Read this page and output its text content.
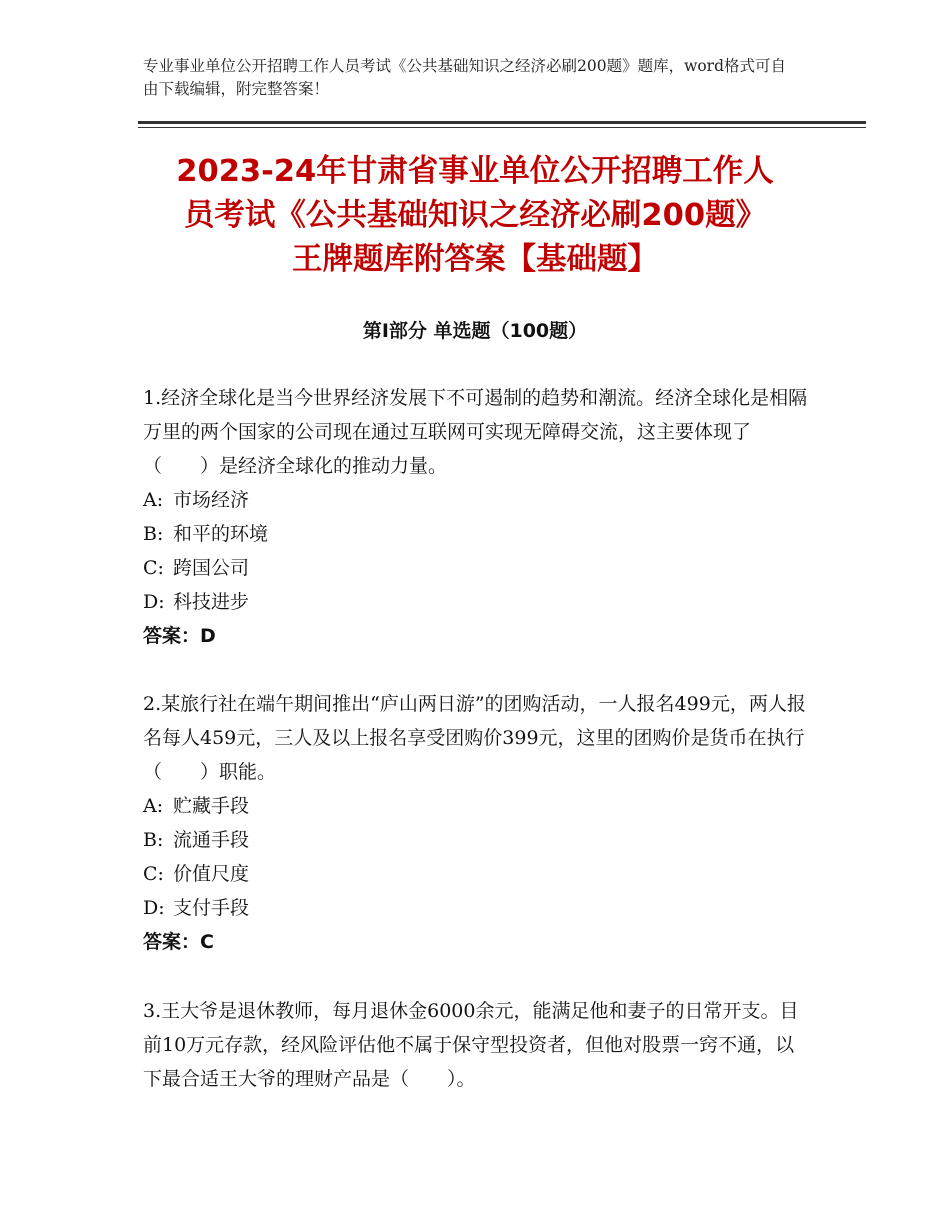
专业事业单位公开招聘工作人员考试《公共基础知识之经济必刷200题》题库，word格式可自由下载编辑，附完整答案！
2023-24年甘肃省事业单位公开招聘工作人
员考试《公共基础知识之经济必刷200题》
王牌题库附答案【基础题】
第Ⅰ部分 单选题（100题）

1.经济全球化是当今世界经济发展下不可遏制的趋势和潮流。经济全球化是相隔万里的两个国家的公司现在通过互联网可实现无障碍交流，这主要体现了（　　）是经济全球化的推动力量。

A: 市场经济

B: 和平的环境

C: 跨国公司

D: 科技进步

答案：D

2.某旅行社在端午期间推出“庐山两日游”的团购活动，一人报名499元，两人报名每人459元，三人及以上报名享受团购价399元，这里的团购价是货币在执行（　　）职能。

A: 贮藏手段

B: 流通手段

C: 价值尺度

D: 支付手段

答案：C

3.王大爷是退休教师，每月退休金6000余元，能满足他和妻子的日常开支。目前10万元存款，经风险评估他不属于保守型投资者，但他对股票一窍不通，以下最合适王大爷的理财产品是（　　）。
